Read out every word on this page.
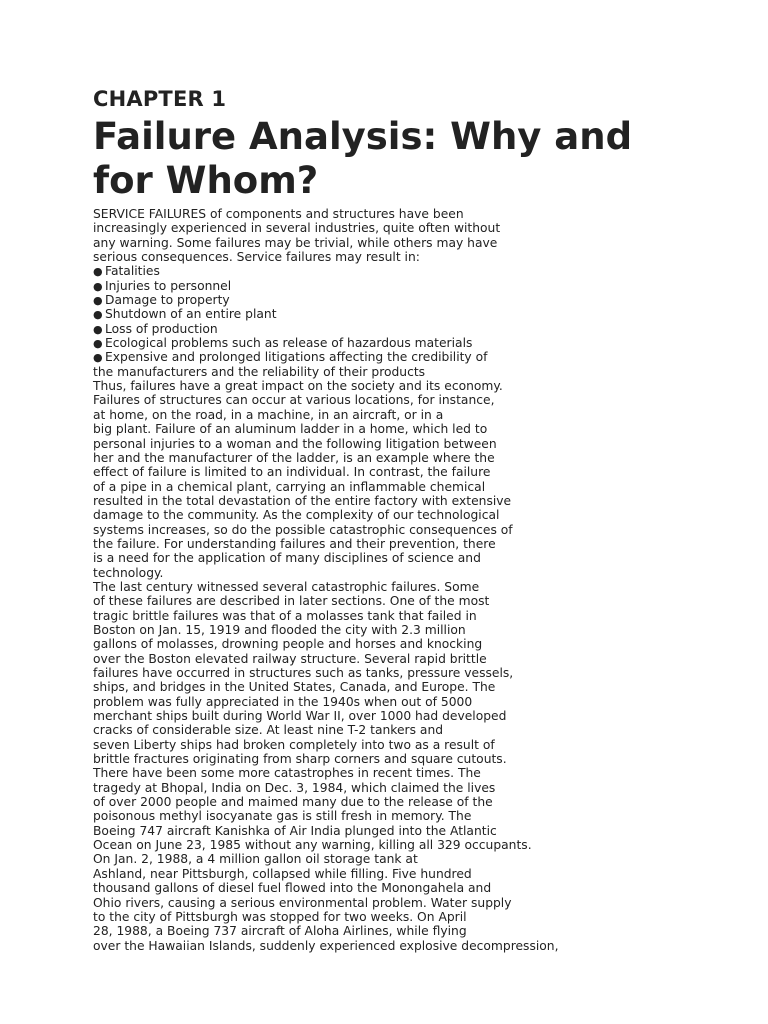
CHAPTER 1
Failure Analysis: Why and
for Whom?
SERVICE FAILURES of components and structures have been
increasingly experienced in several industries, quite often without
any warning. Some failures may be trivial, while others may have
serious consequences. Service failures may result in:
● Fatalities
● Injuries to personnel
● Damage to property
● Shutdown of an entire plant
● Loss of production
● Ecological problems such as release of hazardous materials
● Expensive and prolonged litigations affecting the credibility of
the manufacturers and the reliability of their products
Thus, failures have a great impact on the society and its economy.
Failures of structures can occur at various locations, for instance,
at home, on the road, in a machine, in an aircraft, or in a
big plant. Failure of an aluminum ladder in a home, which led to
personal injuries to a woman and the following litigation between
her and the manufacturer of the ladder, is an example where the
effect of failure is limited to an individual. In contrast, the failure
of a pipe in a chemical plant, carrying an inflammable chemical
resulted in the total devastation of the entire factory with extensive
damage to the community. As the complexity of our technological
systems increases, so do the possible catastrophic consequences of
the failure. For understanding failures and their prevention, there
is a need for the application of many disciplines of science and
technology.
The last century witnessed several catastrophic failures. Some
of these failures are described in later sections. One of the most
tragic brittle failures was that of a molasses tank that failed in
Boston on Jan. 15, 1919 and flooded the city with 2.3 million
gallons of molasses, drowning people and horses and knocking
over the Boston elevated railway structure. Several rapid brittle
failures have occurred in structures such as tanks, pressure vessels,
ships, and bridges in the United States, Canada, and Europe. The
problem was fully appreciated in the 1940s when out of 5000
merchant ships built during World War II, over 1000 had developed
cracks of considerable size. At least nine T-2 tankers and
seven Liberty ships had broken completely into two as a result of
brittle fractures originating from sharp corners and square cutouts.
There have been some more catastrophes in recent times. The
tragedy at Bhopal, India on Dec. 3, 1984, which claimed the lives
of over 2000 people and maimed many due to the release of the
poisonous methyl isocyanate gas is still fresh in memory. The
Boeing 747 aircraft Kanishka of Air India plunged into the Atlantic
Ocean on June 23, 1985 without any warning, killing all 329 occupants.
On Jan. 2, 1988, a 4 million gallon oil storage tank at
Ashland, near Pittsburgh, collapsed while filling. Five hundred
thousand gallons of diesel fuel flowed into the Monongahela and
Ohio rivers, causing a serious environmental problem. Water supply
to the city of Pittsburgh was stopped for two weeks. On April
28, 1988, a Boeing 737 aircraft of Aloha Airlines, while flying
over the Hawaiian Islands, suddenly experienced explosive decompression,
